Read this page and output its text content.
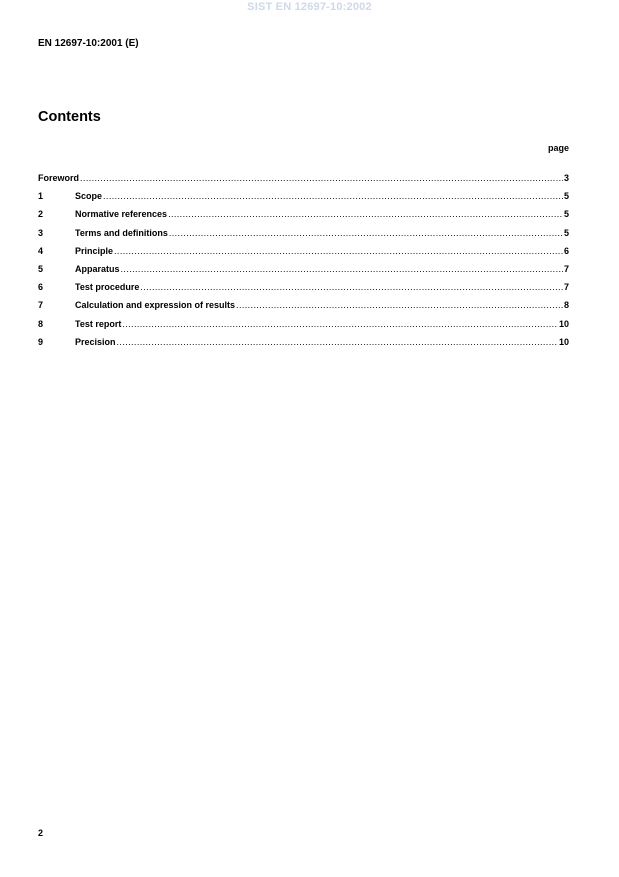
SIST EN 12697-10:2002
EN 12697-10:2001 (E)
Contents
page
Foreword .....	3
1	Scope .....	5
2	Normative references .....	5
3	Terms and definitions .....	5
4	Principle .....	6
5	Apparatus .....	7
6	Test procedure .....	7
7	Calculation and expression of results .....	8
8	Test report .....	10
9	Precision .....	10
2
